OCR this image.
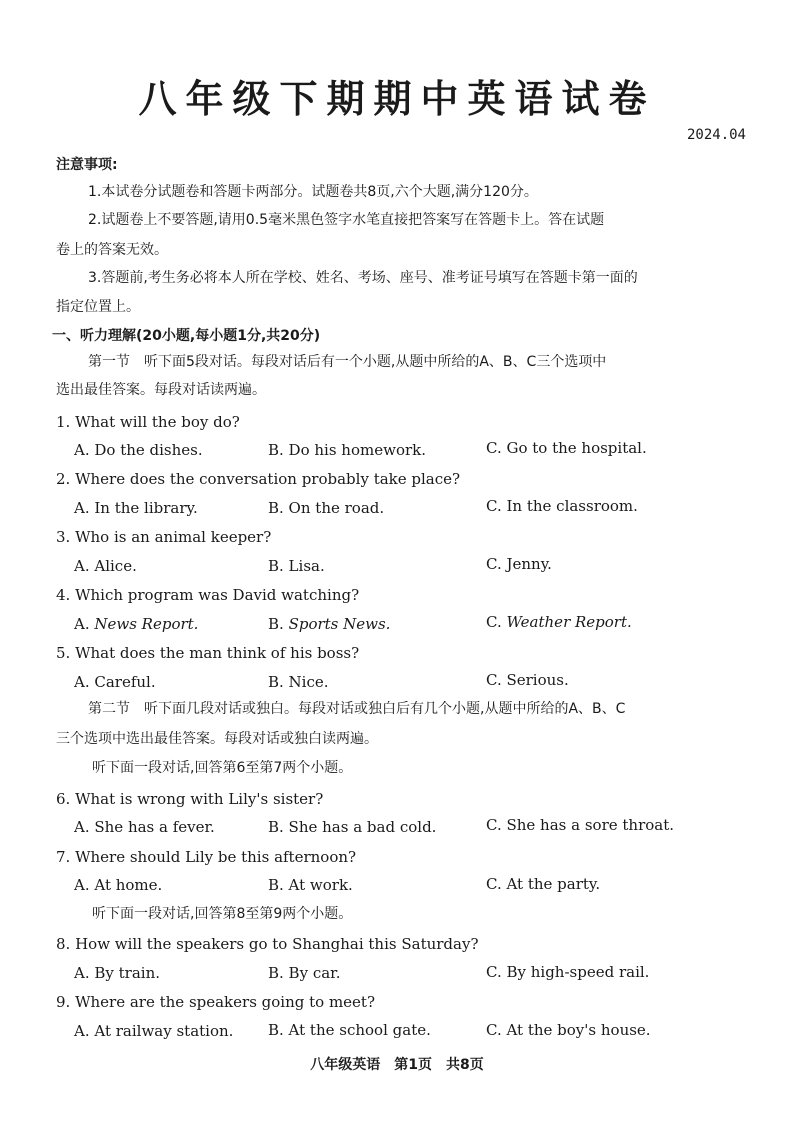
八年级下期期中英语试卷
2024.04
注意事项:
1.本试卷分试题卷和答题卡两部分。试题卷共8页,六个大题,满分120分。
2.试题卷上不要答题,请用0.5毫米黑色签字水笔直接把答案写在答题卡上。答在试题
卷上的答案无效。
3.答题前,考生务必将本人所在学校、姓名、考场、座号、准考证号填写在答题卡第一面的
指定位置上。
一、听力理解(20小题,每小题1分,共20分)
第一节　听下面5段对话。每段对话后有一个小题,从题中所给的A、B、C三个选项中
选出最佳答案。每段对话读两遍。
1. What will the boy do?
A. Do the dishes.	B. Do his homework.	C. Go to the hospital.
2. Where does the conversation probably take place?
A. In the library.	B. On the road.	C. In the classroom.
3. Who is an animal keeper?
A. Alice.	B. Lisa.	C. Jenny.
4. Which program was David watching?
A. News Report.	B. Sports News.	C. Weather Report.
5. What does the man think of his boss?
A. Careful.	B. Nice.	C. Serious.
第二节　听下面几段对话或独白。每段对话或独白后有几个小题,从题中所给的A、B、C
三个选项中选出最佳答案。每段对话或独白读两遍。
听下面一段对话,回答第6至第7两个小题。
6. What is wrong with Lily's sister?
A. She has a fever.	B. She has a bad cold.	C. She has a sore throat.
7. Where should Lily be this afternoon?
A. At home.	B. At work.	C. At the party.
听下面一段对话,回答第8至第9两个小题。
8. How will the speakers go to Shanghai this Saturday?
A. By train.	B. By car.	C. By high-speed rail.
9. Where are the speakers going to meet?
A. At railway station. B. At the school gate.	C. At the boy's house.
八年级英语　第1页　共8页
